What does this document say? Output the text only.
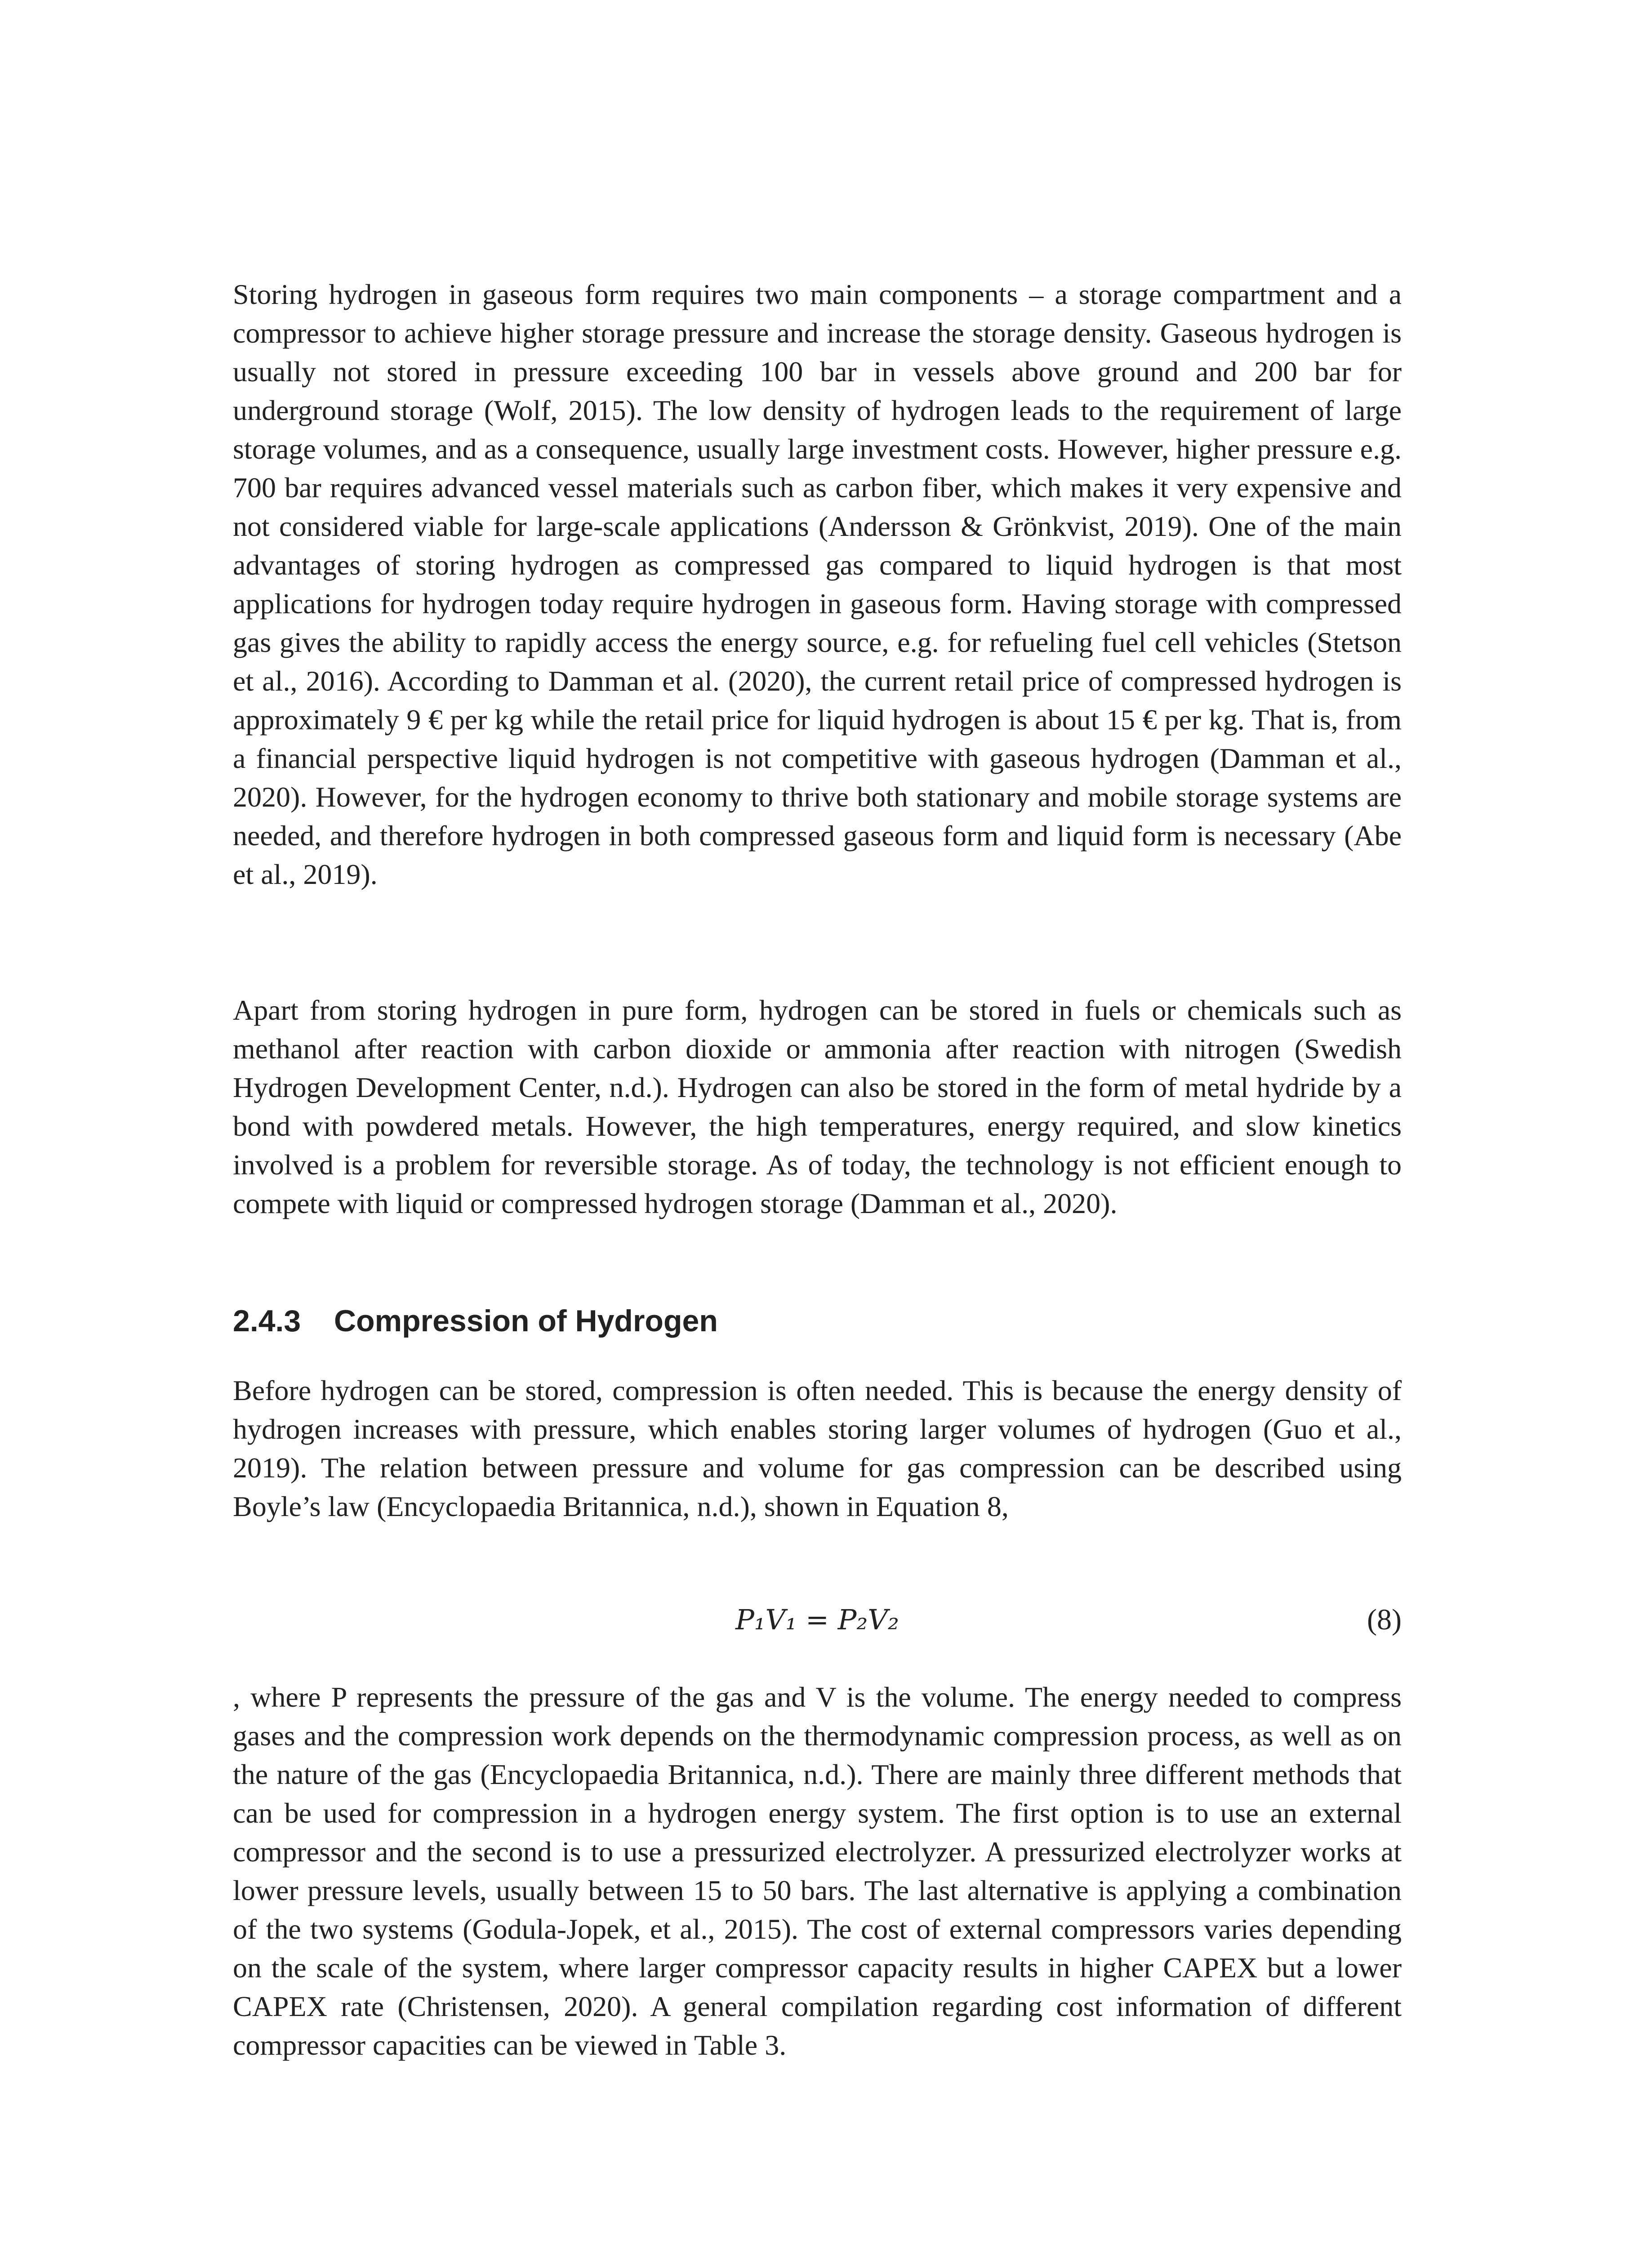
Storing hydrogen in gaseous form requires two main components – a storage compartment and a compressor to achieve higher storage pressure and increase the storage density. Gaseous hydrogen is usually not stored in pressure exceeding 100 bar in vessels above ground and 200 bar for underground storage (Wolf, 2015). The low density of hydrogen leads to the requirement of large storage volumes, and as a consequence, usually large investment costs. However, higher pressure e.g. 700 bar requires advanced vessel materials such as carbon fiber, which makes it very expensive and not considered viable for large-scale applications (Andersson & Grönkvist, 2019). One of the main advantages of storing hydrogen as compressed gas compared to liquid hydrogen is that most applications for hydrogen today require hydrogen in gaseous form. Having storage with compressed gas gives the ability to rapidly access the energy source, e.g. for refueling fuel cell vehicles (Stetson et al., 2016). According to Damman et al. (2020), the current retail price of compressed hydrogen is approximately 9 € per kg while the retail price for liquid hydrogen is about 15 € per kg. That is, from a financial perspective liquid hydrogen is not competitive with gaseous hydrogen (Damman et al., 2020). However, for the hydrogen economy to thrive both stationary and mobile storage systems are needed, and therefore hydrogen in both compressed gaseous form and liquid form is necessary (Abe et al., 2019).

Apart from storing hydrogen in pure form, hydrogen can be stored in fuels or chemicals such as methanol after reaction with carbon dioxide or ammonia after reaction with nitrogen (Swedish Hydrogen Development Center, n.d.). Hydrogen can also be stored in the form of metal hydride by a bond with powdered metals. However, the high temperatures, energy required, and slow kinetics involved is a problem for reversible storage. As of today, the technology is not efficient enough to compete with liquid or compressed hydrogen storage (Damman et al., 2020).

2.4.3 Compression of Hydrogen

Before hydrogen can be stored, compression is often needed. This is because the energy density of hydrogen increases with pressure, which enables storing larger volumes of hydrogen (Guo et al., 2019). The relation between pressure and volume for gas compression can be described using Boyle’s law (Encyclopaedia Britannica, n.d.), shown in Equation 8,

P₁V₁ = P₂V₂	(8)

, where P represents the pressure of the gas and V is the volume. The energy needed to compress gases and the compression work depends on the thermodynamic compression process, as well as on the nature of the gas (Encyclopaedia Britannica, n.d.). There are mainly three different methods that can be used for compression in a hydrogen energy system. The first option is to use an external compressor and the second is to use a pressurized electrolyzer. A pressurized electrolyzer works at lower pressure levels, usually between 15 to 50 bars. The last alternative is applying a combination of the two systems (Godula-Jopek, et al., 2015). The cost of external compressors varies depending on the scale of the system, where larger compressor capacity results in higher CAPEX but a lower CAPEX rate (Christensen, 2020). A general compilation regarding cost information of different compressor capacities can be viewed in Table 3.
